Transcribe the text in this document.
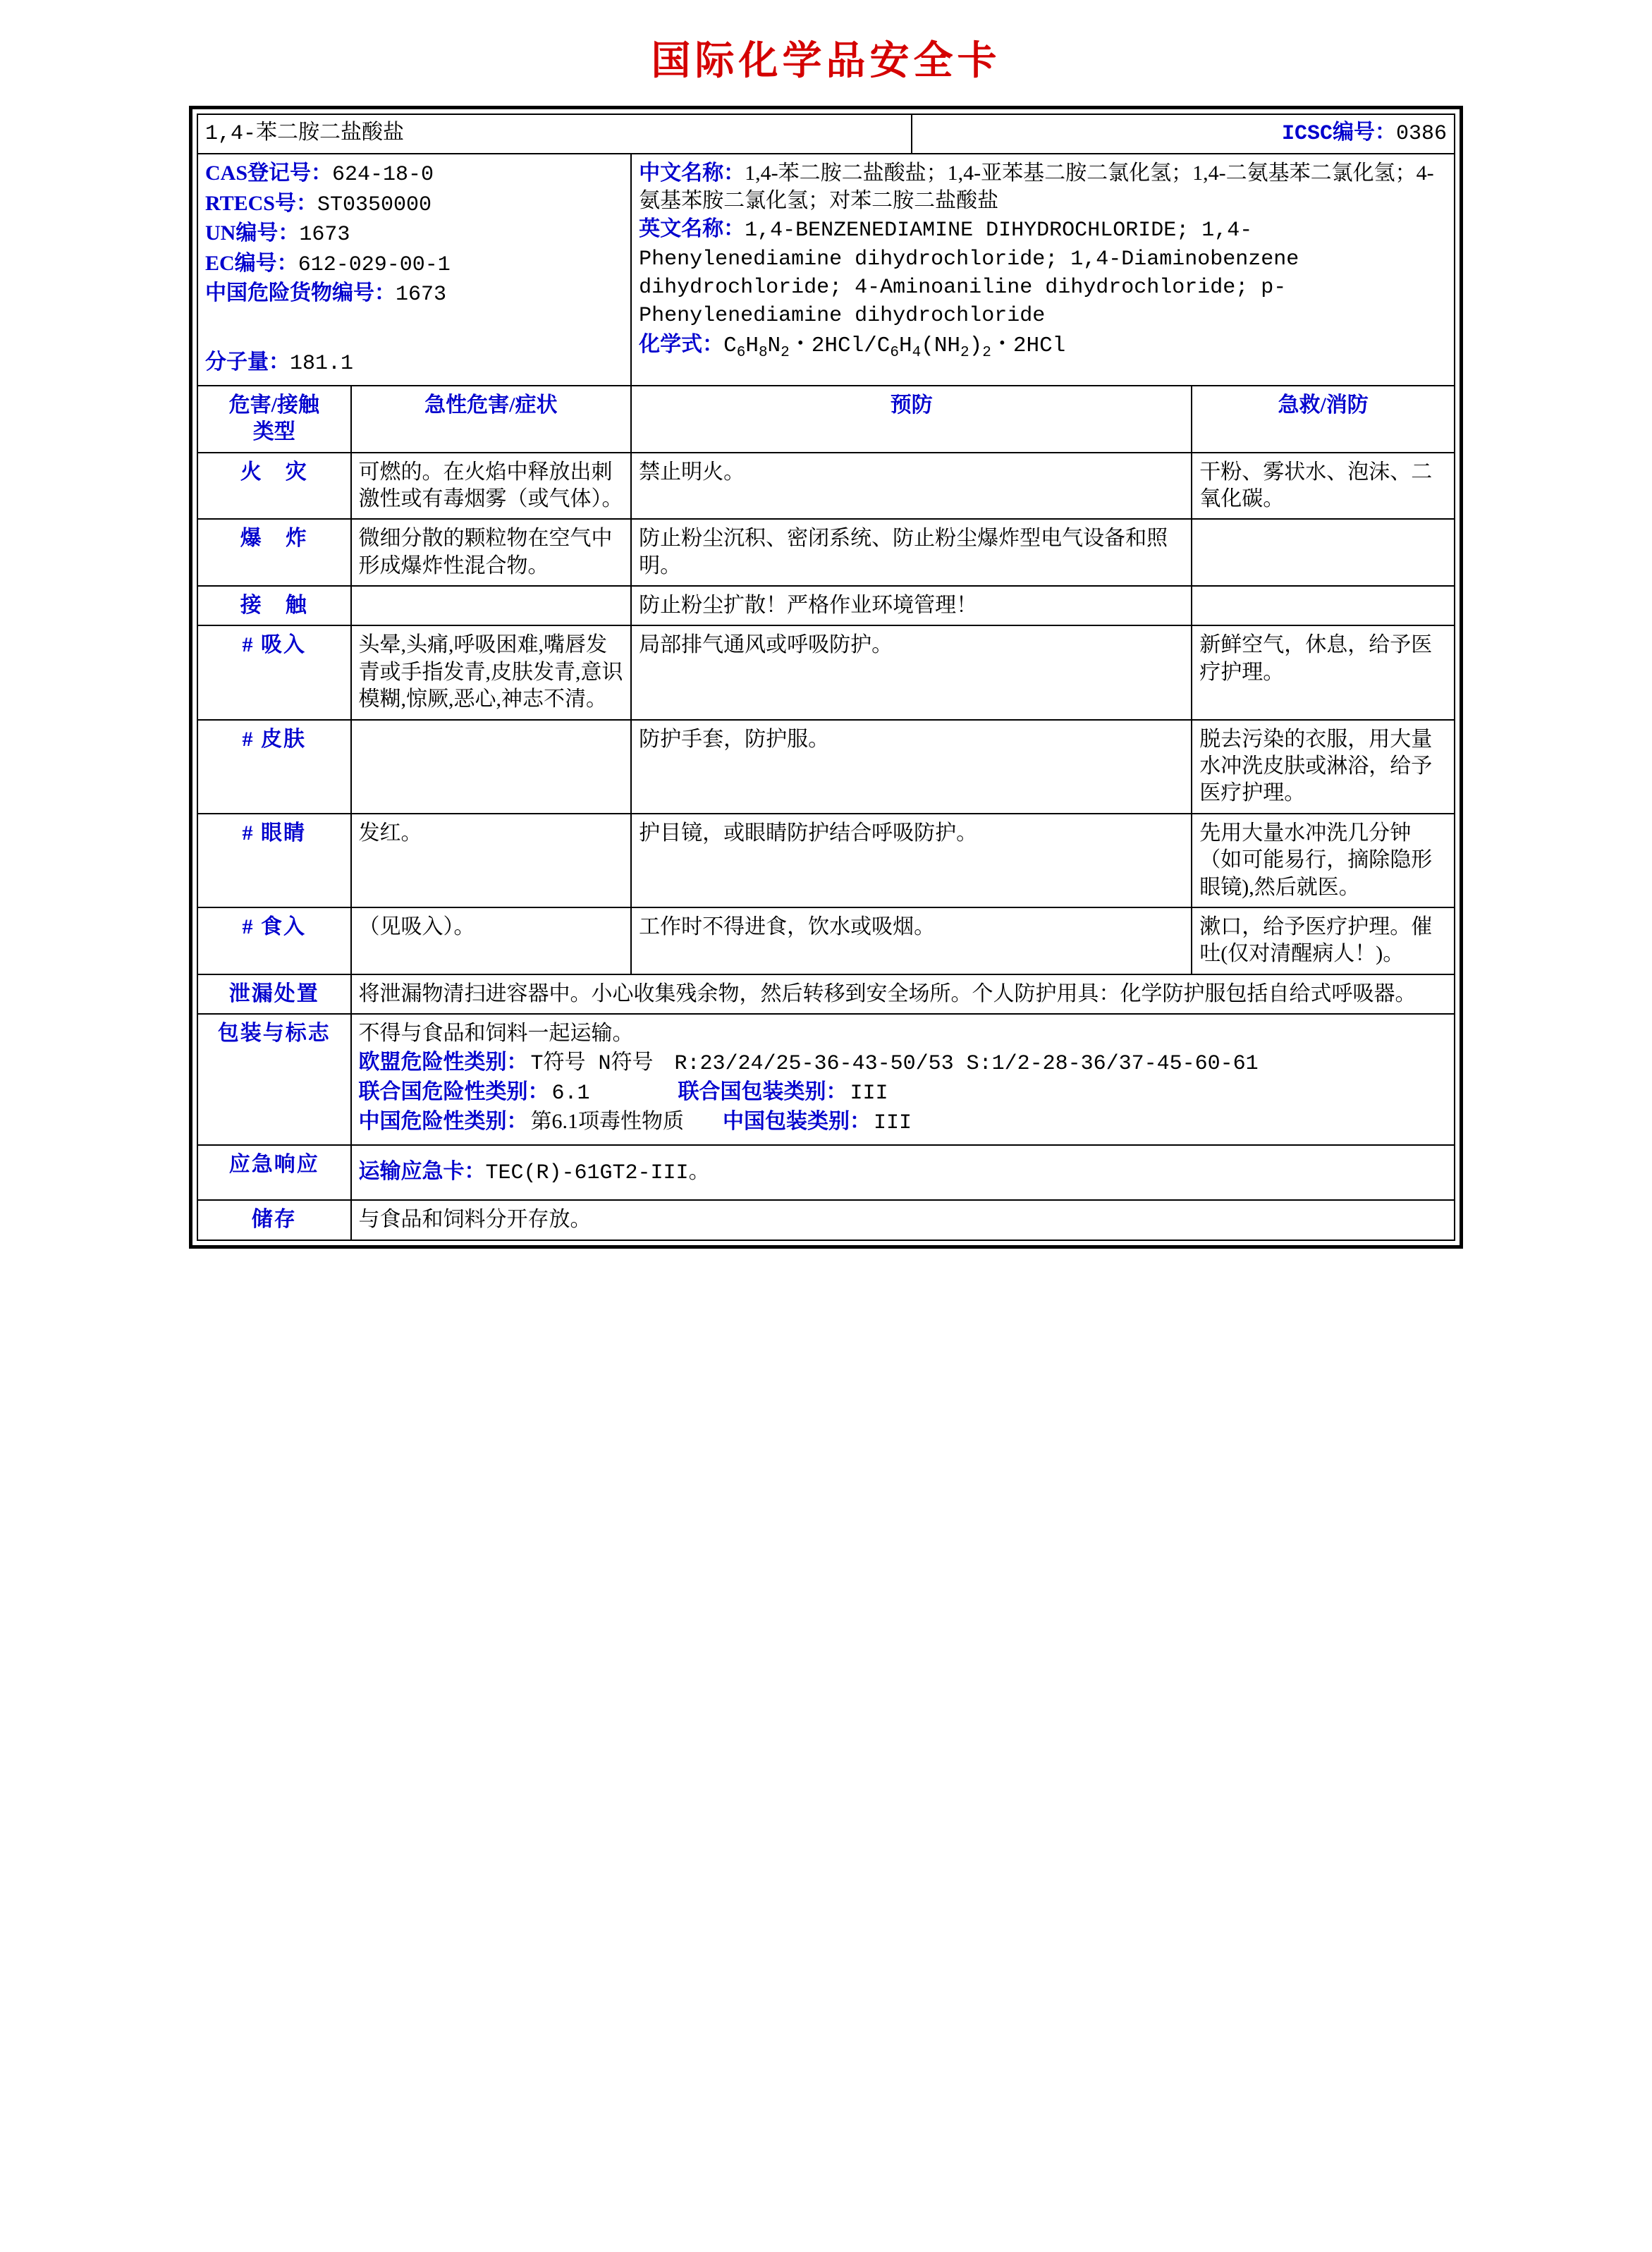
国际化学品安全卡
1,4-苯二胺二盐酸盐			ICSC编号：0386	

CAS登记号：624-18-0
RTECS号：ST0350000
UN编号：1673
EC编号：612-029-00-1
中国危险货物编号：1673
分子量：181.1

中文名称：1,4-苯二胺二盐酸盐；1,4-亚苯基二胺二氯化氢；1,4-二氨基苯二氯化氢；4-氨基苯胺二氯化氢；对苯二胺二盐酸盐
英文名称：1,4-BENZENEDIAMINE DIHYDROCHLORIDE; 1,4-Phenylenediamine dihydrochloride; 1,4-Diaminobenzene dihydrochloride; 4-Aminoaniline dihydrochloride; p-Phenylenediamine dihydrochloride
化学式：$C_6H_8N_2$・$2HCl/C_6H_4(NH_2)_2$・2HCl

危害/接触
类型	急性危害/症状	预防		急救/消防
火　灾	可燃的。在火焰中释放出刺激性或有毒烟雾（或气体）。	禁止明火。		干粉、雾状水、泡沫、二氧化碳。
爆　炸	微细分散的颗粒物在空气中形成爆炸性混合物。	防止粉尘沉积、密闭系统、防止粉尘爆炸型电气设备和照明。		
接　触		防止粉尘扩散！严格作业环境管理！		
# 吸入	头晕,头痛,呼吸困难,嘴唇发青或手指发青,皮肤发青,意识模糊,惊厥,恶心,神志不清。	局部排气通风或呼吸防护。		新鲜空气，休息，给予医疗护理。
# 皮肤		防护手套，防护服。		脱去污染的衣服，用大量水冲洗皮肤或淋浴，给予医疗护理。
# 眼睛	发红。	护目镜，或眼睛防护结合呼吸防护。		先用大量水冲洗几分钟（如可能易行，摘除隐形眼镜),然后就医。
# 食入	（见吸入）。	工作时不得进食，饮水或吸烟。		漱口，给予医疗护理。催吐(仅对清醒病人！)。
泄漏处置	将泄漏物清扫进容器中。小心收集残余物，然后转移到安全场所。个人防护用具：化学防护服包括自给式呼吸器。			
包装与标志	不得与食品和饲料一起运输。
欧盟危险性类别： T符号 N符号　R:23/24/25-36-43-50/53 S:1/2-28-36/37-45-60-61
联合国危险性类别： 6.1 联合国包装类别： III
中国危险性类别： 第6.1项毒性物质 中国包装类别： III			

应急响应	运输应急卡：TEC(R)-61GT2-III。			

储存	与食品和饲料分开存放。			
